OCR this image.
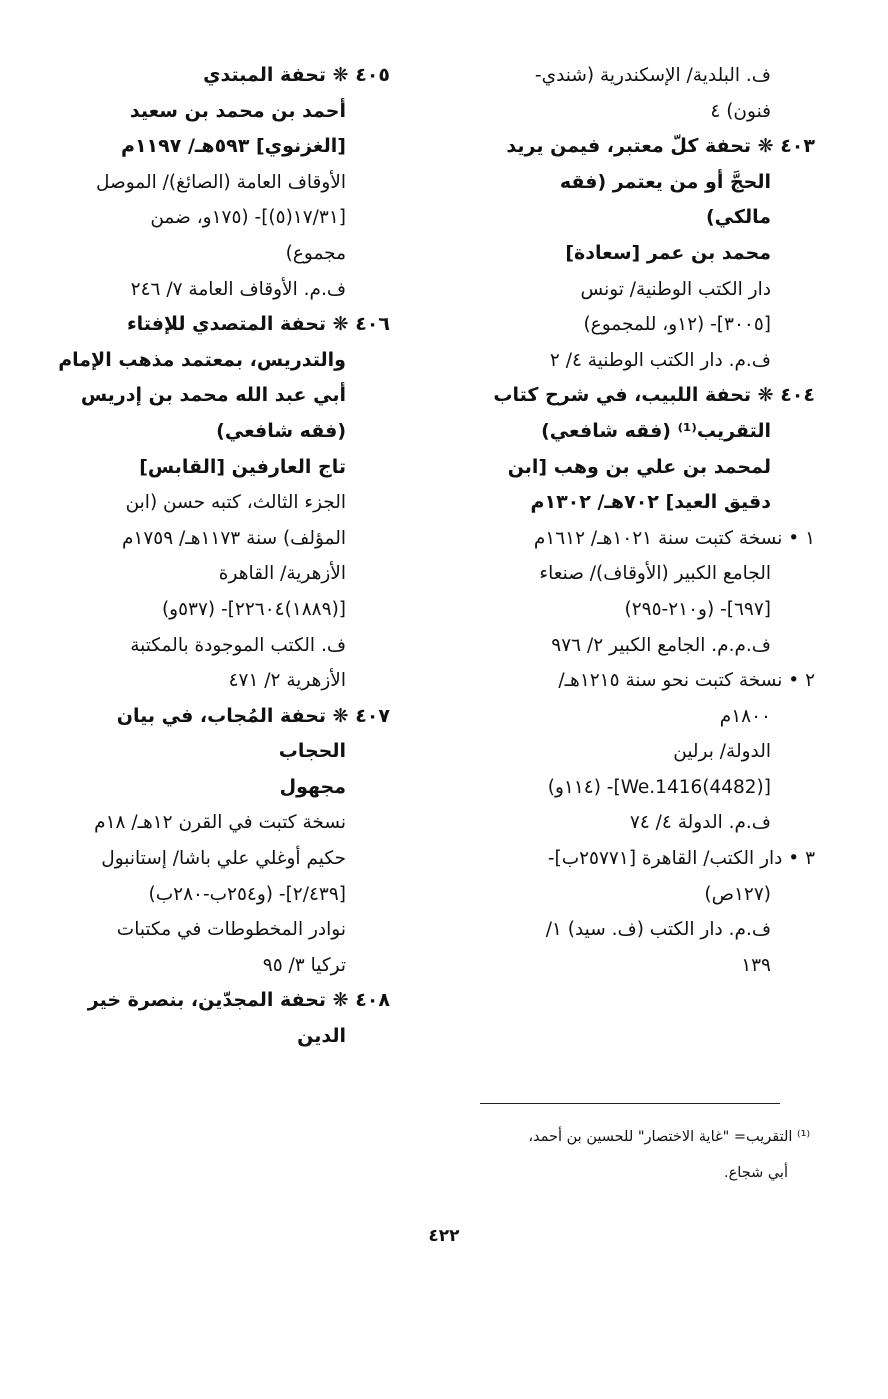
ف. البلدية/ الإسكندرية (شندي-
فنون) ٤
٤٠٣ ❋ تحفة كلّ معتبر، فيمن يريد
الحجَّ أو من يعتمر (فقه
مالكي)
محمد بن عمر [سعادة]
دار الكتب الوطنية/ تونس
[٣٠٠٥]- (١٢و، للمجموع)
ف.م. دار الكتب الوطنية ٤/ ٢
٤٠٤ ❋ تحفة اللبيب، في شرح كتاب
التقريب⁽¹⁾ (فقه شافعي)
لمحمد بن علي بن وهب [ابن
دقيق العيد] ٧٠٢هـ/ ١٣٠٢م
١ • نسخة كتبت سنة ١٠٢١هـ/ ١٦١٢م
الجامع الكبير (الأوقاف)/ صنعاء
[٦٩٧]- (و٢١٠-٢٩٥)
ف.م.م. الجامع الكبير ٢/ ٩٧٦
٢ • نسخة كتبت نحو سنة ١٢١٥هـ/
١٨٠٠م
الدولة/ برلين
[We.1416(4482)]- (١١٤و)
ف.م. الدولة ٤/ ٧٤
٣ • دار الكتب/ القاهرة [٢٥٧٧١ب]-
(١٢٧ص)
ف.م. دار الكتب (ف. سيد) ١/
١٣٩
٤٠٥ ❋ تحفة المبتدي
أحمد بن محمد بن سعيد
[الغزنوي] ٥٩٣هـ/ ١١٩٧م
الأوقاف العامة (الصائغ)/ الموصل
[١٧/٣١(٥)]- (١٧٥و، ضمن
مجموع)
ف.م. الأوقاف العامة ٧/ ٢٤٦
٤٠٦ ❋ تحفة المتصدي للإفتاء
والتدريس، بمعتمد مذهب الإمام
أبي عبد الله محمد بن إدريس
(فقه شافعي)
تاج العارفين [القابس]
الجزء الثالث، كتبه حسن (ابن
المؤلف) سنة ١١٧٣هـ/ ١٧٥٩م
الأزهرية/ القاهرة
[(١٨٨٩)٢٢٦٠٤]- (٥٣٧و)
ف. الكتب الموجودة بالمكتبة
الأزهرية ٢/ ٤٧١
٤٠٧ ❋ تحفة المُجاب، في بيان
الحجاب
مجهول
نسخة كتبت في القرن ١٢هـ/ ١٨م
حكيم أوغلي علي باشا/ إستانبول
[٢/٤٣٩]- (و٢٥٤ب-٢٨٠ب)
نوادر المخطوطات في مكتبات
تركيا ٣/ ٩٥
٤٠٨ ❋ تحفة المجدّين، بنصرة خير
الدين
⁽¹⁾ التقريب= "غاية الاختصار" للحسين بن أحمد،
أبي شجاع.
٤٢٢
